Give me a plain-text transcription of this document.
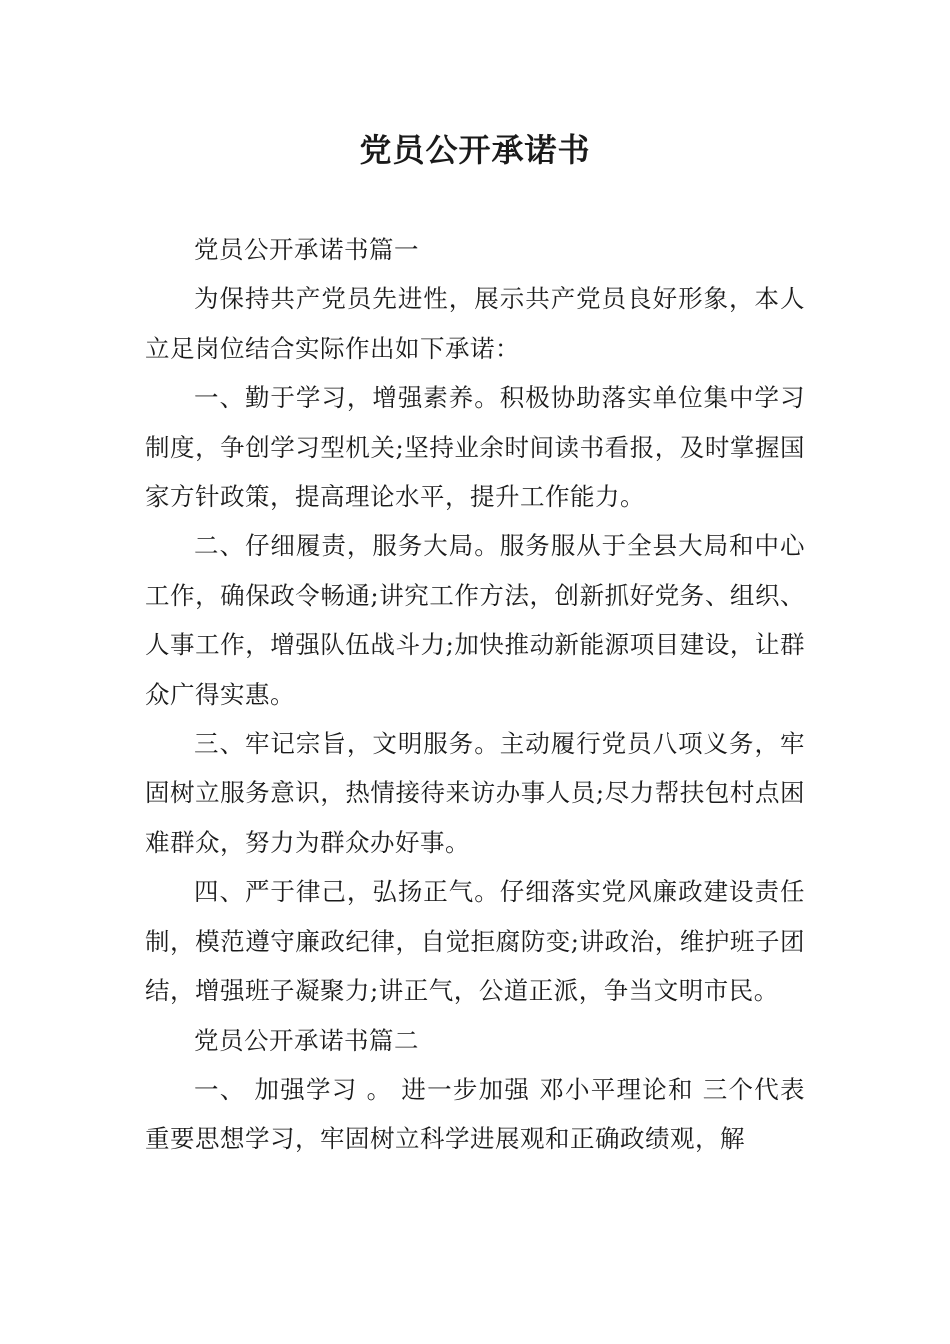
党员公开承诺书

党员公开承诺书篇一

为保持共产党员先进性，展示共产党员良好形象，本人立足岗位结合实际作出如下承诺：

一、勤于学习，增强素养。积极协助落实单位集中学习制度，争创学习型机关;坚持业余时间读书看报，及时掌握国家方针政策，提高理论水平，提升工作能力。

二、仔细履责，服务大局。服务服从于全县大局和中心工作，确保政令畅通;讲究工作方法，创新抓好党务、组织、人事工作，增强队伍战斗力;加快推动新能源项目建设，让群众广得实惠。

三、牢记宗旨，文明服务。主动履行党员八项义务，牢固树立服务意识，热情接待来访办事人员;尽力帮扶包村点困难群众，努力为群众办好事。

四、严于律己，弘扬正气。仔细落实党风廉政建设责任制，模范遵守廉政纪律，自觉拒腐防变;讲政治，维护班子团结，增强班子凝聚力;讲正气，公道正派，争当文明市民。

党员公开承诺书篇二

一、 加强学习 。 进一步加强 邓小平理论和 三个代表重要思想学习，牢固树立科学进展观和正确政绩观，解
